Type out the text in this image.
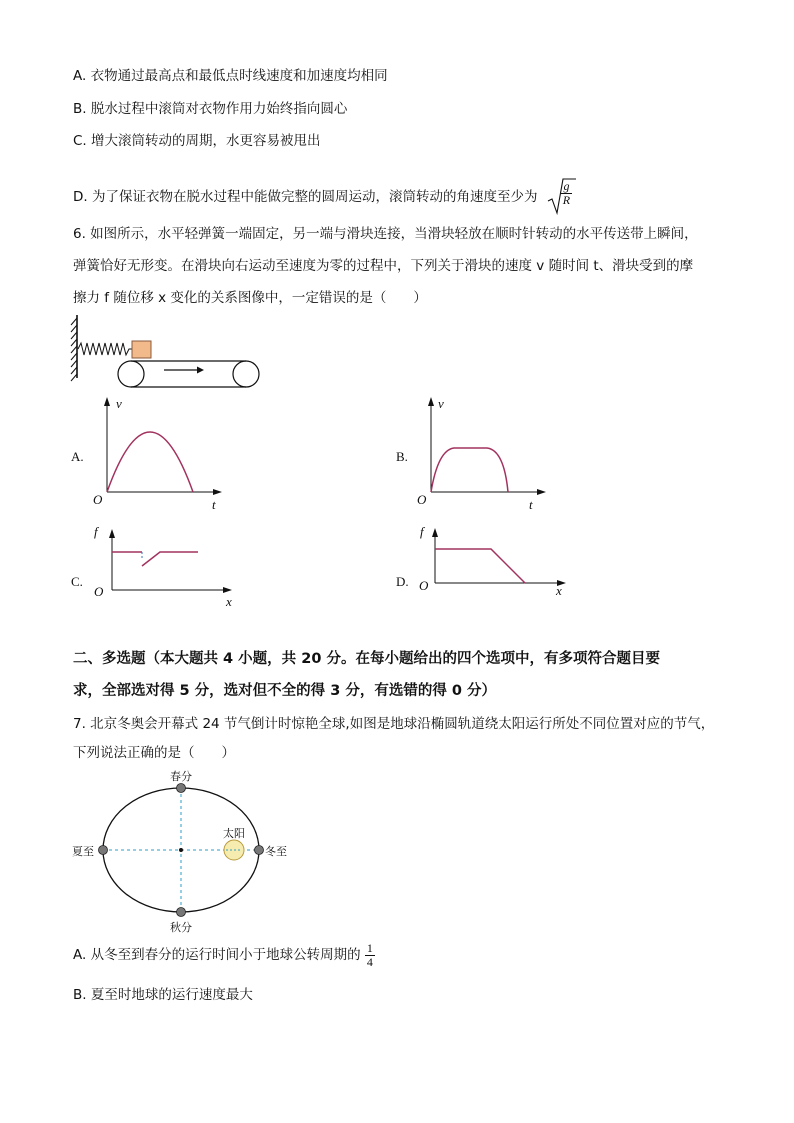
A. 衣物通过最高点和最低点时线速度和加速度均相同
B. 脱水过程中滚筒对衣物作用力始终指向圆心
C. 增大滚筒转动的周期，水更容易被甩出
D. 为了保证衣物在脱水过程中能做完整的圆周运动，滚筒转动的角速度至少为 $\frac{g}{R}$
6. 如图所示，水平轻弹簧一端固定，另一端与滑块连接，当滑块轻放在顺时针转动的水平传送带上瞬间，
弹簧恰好无形变。在滑块向右运动至速度为零的过程中，下列关于滑块的速度 v 随时间 t、滑块受到的摩
擦力 f 随位移 x 变化的关系图像中，一定错误的是（　　）
A.
v
O	t
B.
v
O	t
C.
f
O
x
D.
f
O	x
二、多选题（本大题共 4 小题，共 20 分。在每小题给出的四个选项中，有多项符合题目要
求，全部选对得 5 分，选对但不全的得 3 分，有选错的得 0 分）
7. 北京冬奥会开幕式 24 节气倒计时惊艳全球,如图是地球沿椭圆轨道绕太阳运行所处不同位置对应的节气，
下列说法正确的是（　　）
春分
夏至
秋分
冬至
太阳
A. 从冬至到春分的运行时间小于地球公转周期的 $\frac{1}{4}$
B. 夏至时地球的运行速度最大
